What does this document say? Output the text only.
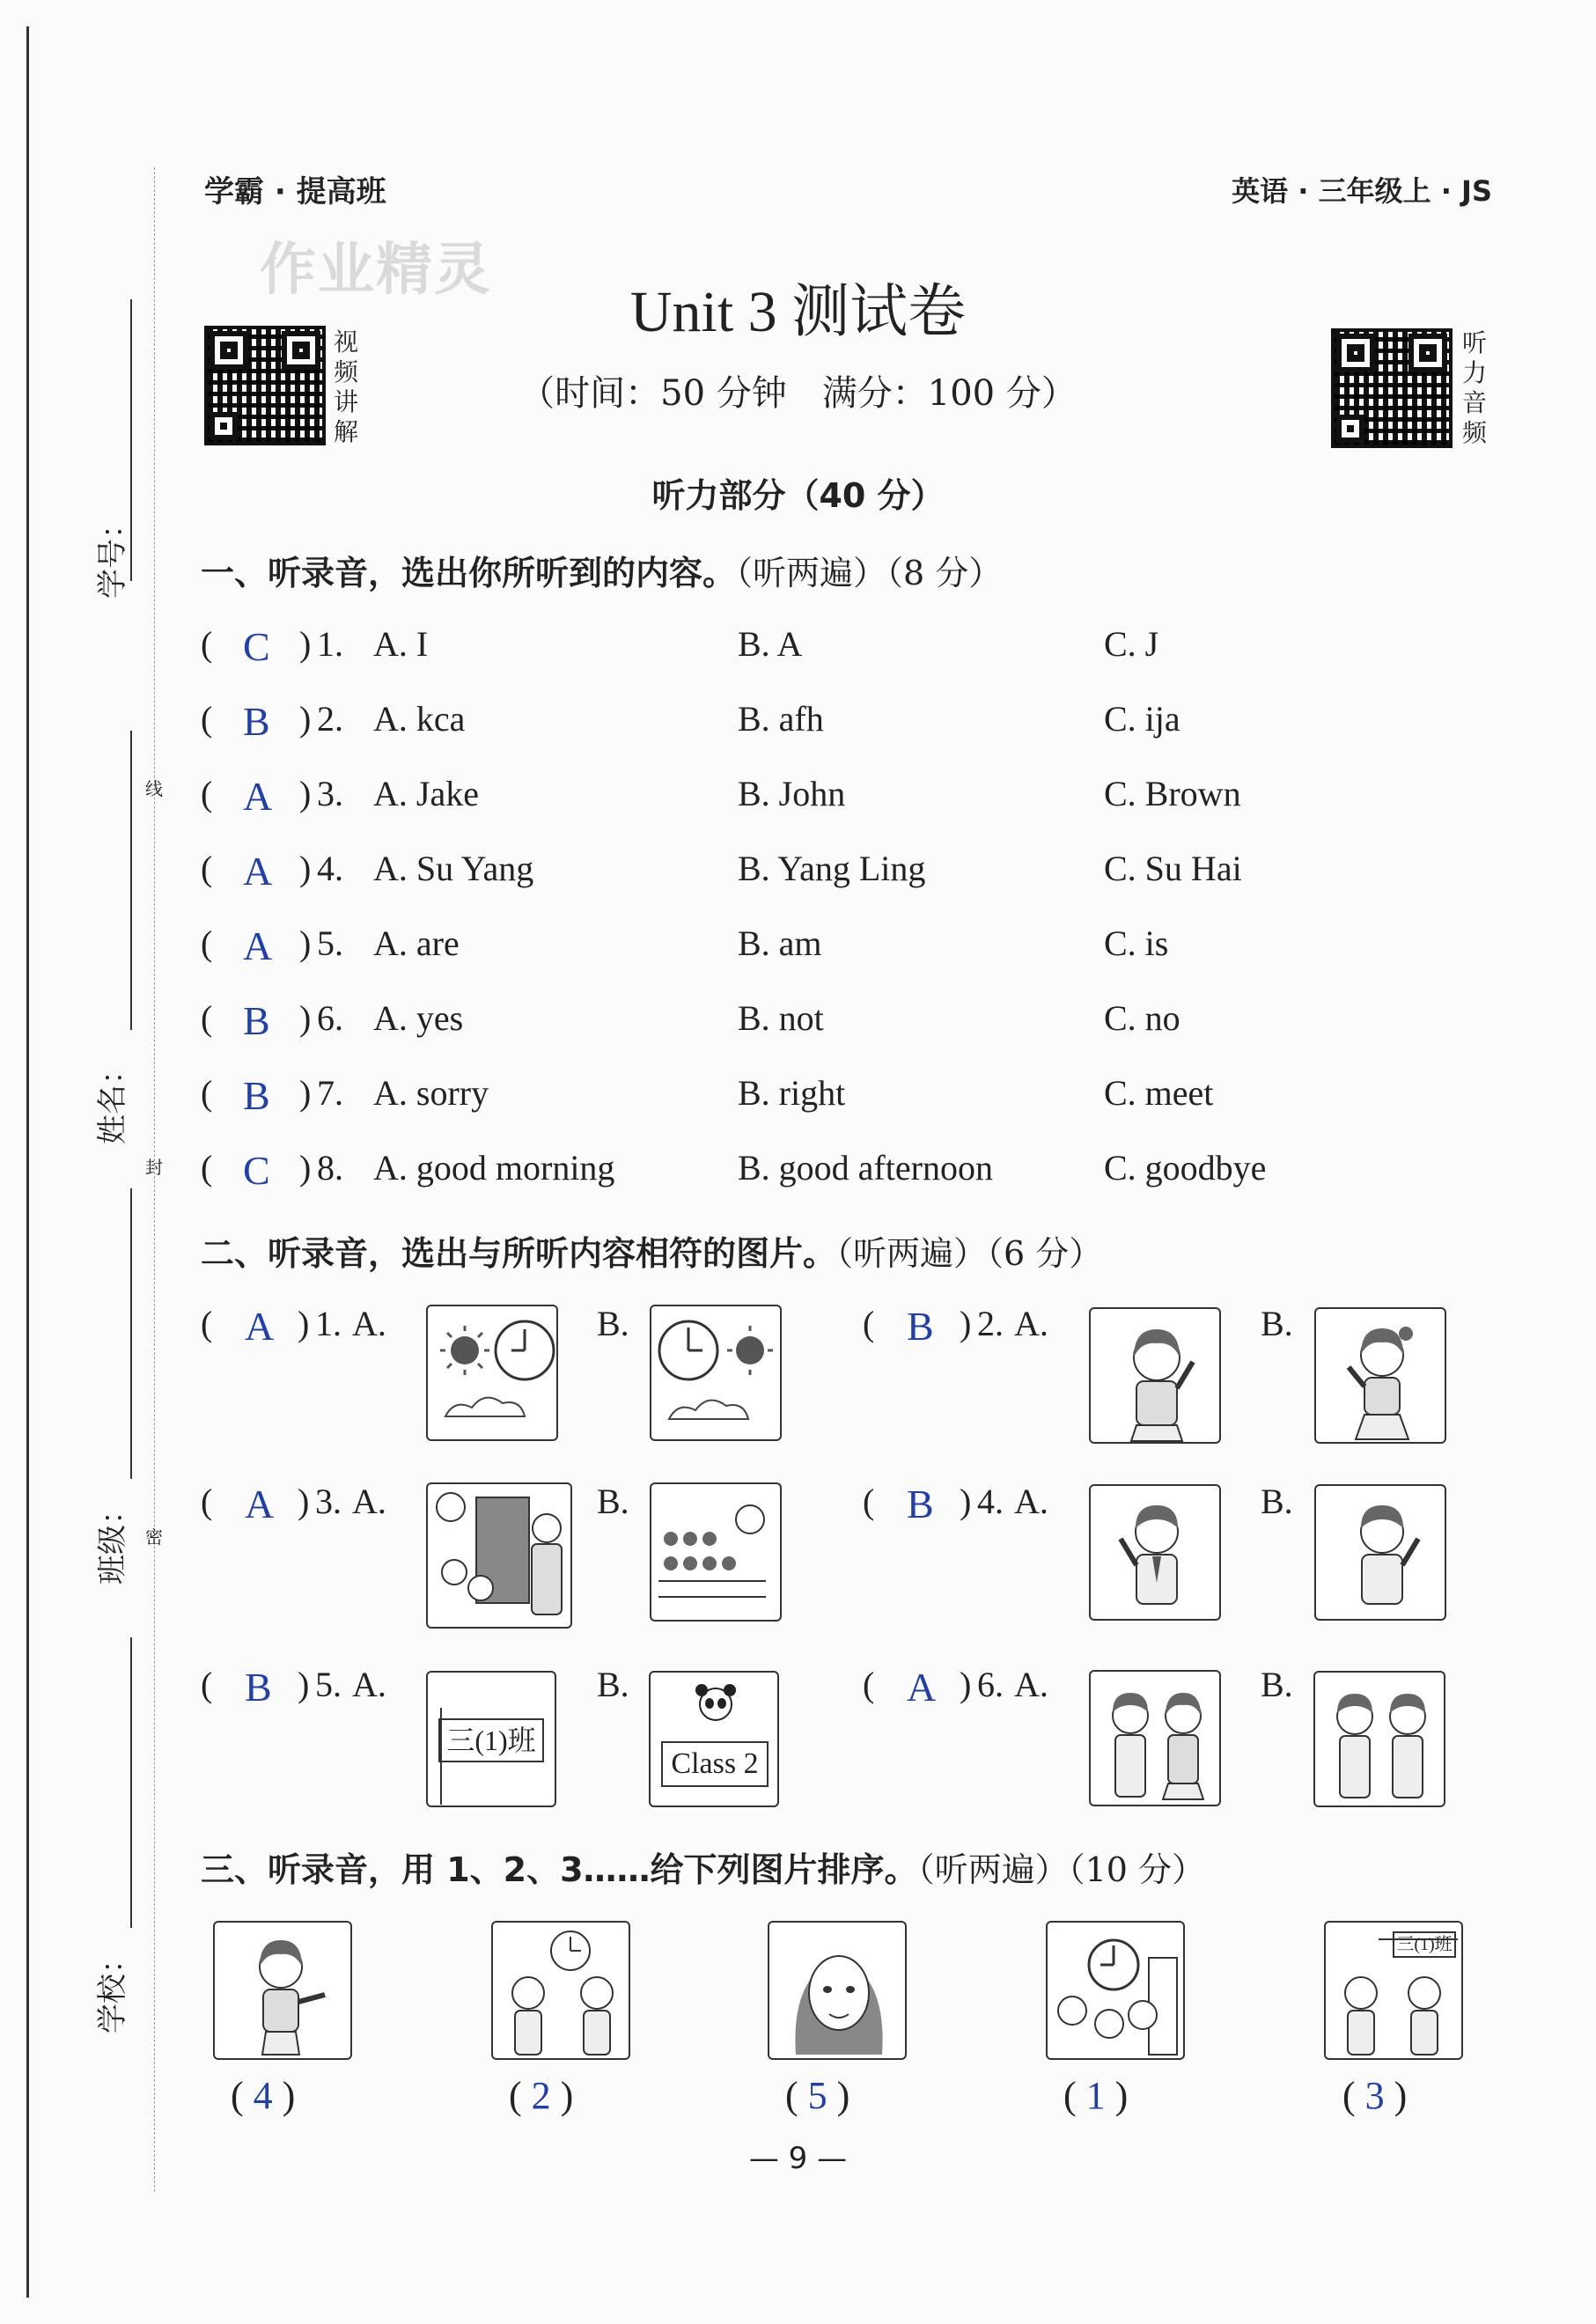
学号：
线
姓名：
封
班级： 密
学校：
学霸 · 提高班	英语 · 三年级上 · JS
作业精灵
Unit 3 测试卷
（时间：50 分钟　满分：100 分）
视
频
讲
解
听
力
音
频
听力部分（40 分）
一、听录音，选出你所听到的内容。（听两遍）（8 分）
( C ) 1. A. I	B. A	C. J
( B ) 2. A. kca	B. afh	C. ija
( A ) 3. A. Jake	B. John	C. Brown
( A ) 4. A. Su Yang	B. Yang Ling	C. Su Hai
( A ) 5. A. are	B. am	C. is
( B ) 6. A. yes	B. not	C. no
( B ) 7. A. sorry	B. right	C. meet
( C ) 8. A. good morning	B. good afternoon	C. goodbye
二、听录音，选出与所听内容相符的图片。（听两遍）（6 分）
( A ) 1. A.	B.	( B ) 2. A.	B.
( A ) 3. A.	B.	( B ) 4. A.	B.
( B ) 5. A.	B.	( A ) 6. A.	B.
三(1)班
Class 2
三、听录音，用 1、2、3……给下列图片排序。（听两遍）（10 分）
三(1)班
( 4 )	( 2 )	( 5 )	( 1 )	( 3 )
— 9 —
